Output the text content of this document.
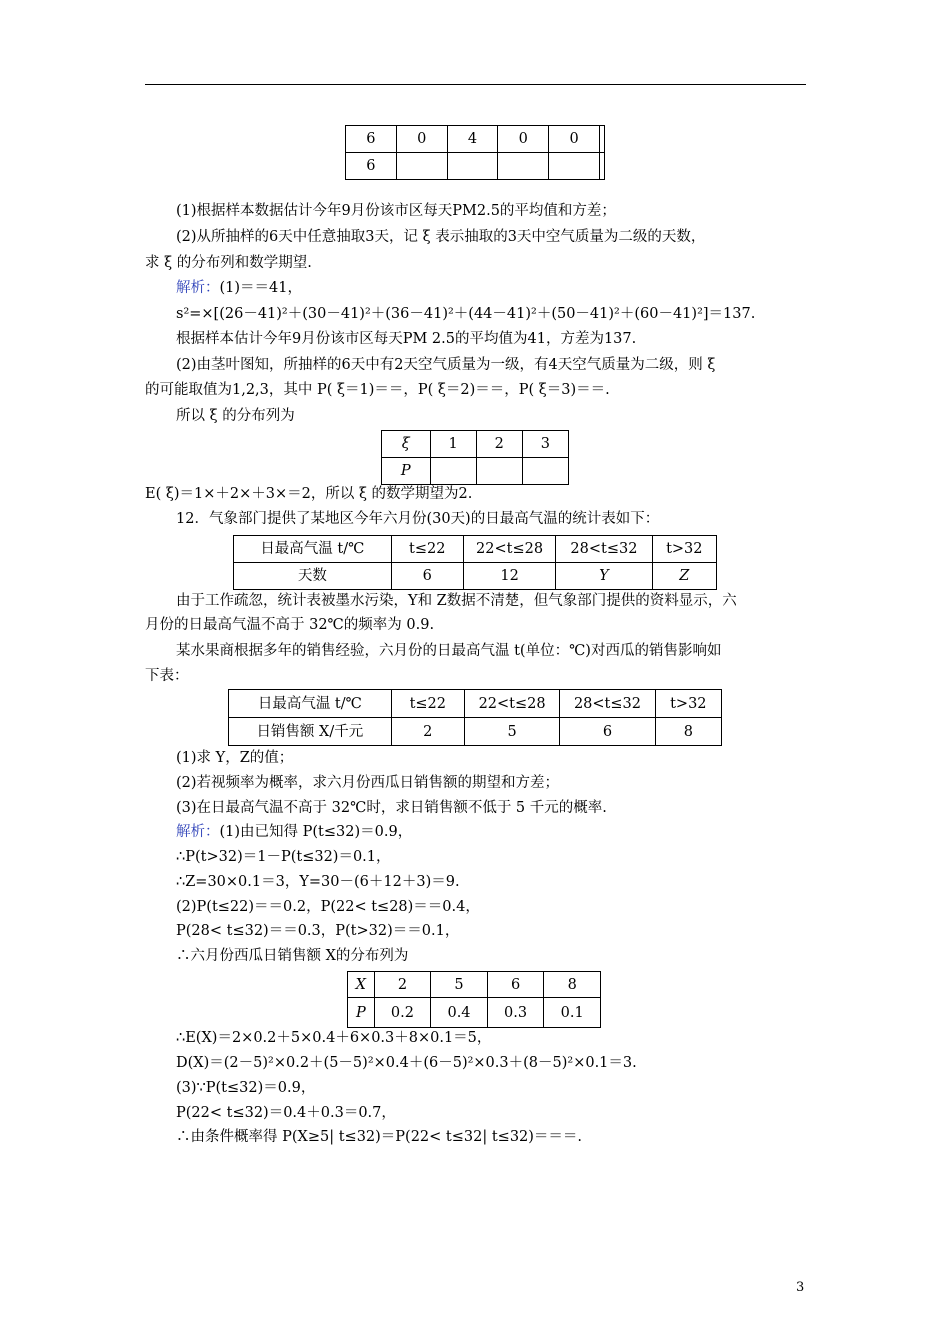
6	0	4	0	0	
6					
(1)根据样本数据估计今年9月份该市区每天PM2.5的平均值和方差；
(2)从所抽样的6天中任意抽取3天，记 ξ 表示抽取的3天中空气质量为二级的天数，
求 ξ 的分布列和数学期望.
解析：(1)＝＝41，
s²=×[(26－41)²＋(30－41)²＋(36－41)²＋(44－41)²＋(50－41)²＋(60－41)²]＝137.
根据样本估计今年9月份该市区每天PM 2.5的平均值为41，方差为137.
(2)由茎叶图知，所抽样的6天中有2天空气质量为一级，有4天空气质量为二级，则 ξ
的可能取值为1,2,3，其中 P( ξ＝1)＝＝，P( ξ＝2)＝＝，P( ξ＝3)＝＝.
所以 ξ 的分布列为
ξ	1	2	3
P			
E( ξ)＝1×＋2×＋3×＝2，所以 ξ 的数学期望为2.
12．气象部门提供了某地区今年六月份(30天)的日最高气温的统计表如下：
日最高气温 t/℃	t≤22	22<t≤28	28<t≤32	t>32
天数	6	12	Y	Z
由于工作疏忽，统计表被墨水污染，Y和 Z数据不清楚，但气象部门提供的资料显示，六
月份的日最高气温不高于 32℃的频率为 0.9.
某水果商根据多年的销售经验，六月份的日最高气温 t(单位：℃)对西瓜的销售影响如
下表：
日最高气温 t/℃	t≤22	22<t≤28	28<t≤32	t>32
日销售额 X/千元	2	5	6	8
(1)求 Y，Z的值；
(2)若视频率为概率，求六月份西瓜日销售额的期望和方差；
(3)在日最高气温不高于 32℃时，求日销售额不低于 5 千元的概率.
解析：(1)由已知得 P(t≤32)＝0.9，
∴P(t>32)＝1－P(t≤32)＝0.1，
∴Z=30×0.1＝3，Y=30－(6＋12＋3)＝9.
(2)P(t≤22)＝＝0.2，P(22< t≤28)＝＝0.4，
P(28< t≤32)＝＝0.3，P(t>32)＝＝0.1，
∴六月份西瓜日销售额 X的分布列为
X	2	5	6	8
P	0.2	0.4	0.3	0.1
∴E(X)＝2×0.2＋5×0.4＋6×0.3＋8×0.1＝5，
D(X)＝(2－5)²×0.2＋(5－5)²×0.4＋(6－5)²×0.3＋(8－5)²×0.1＝3.
(3)∵P(t≤32)＝0.9，
P(22< t≤32)＝0.4＋0.3＝0.7，
∴由条件概率得 P(X≥5| t≤32)＝P(22< t≤32| t≤32)＝＝＝.
3
